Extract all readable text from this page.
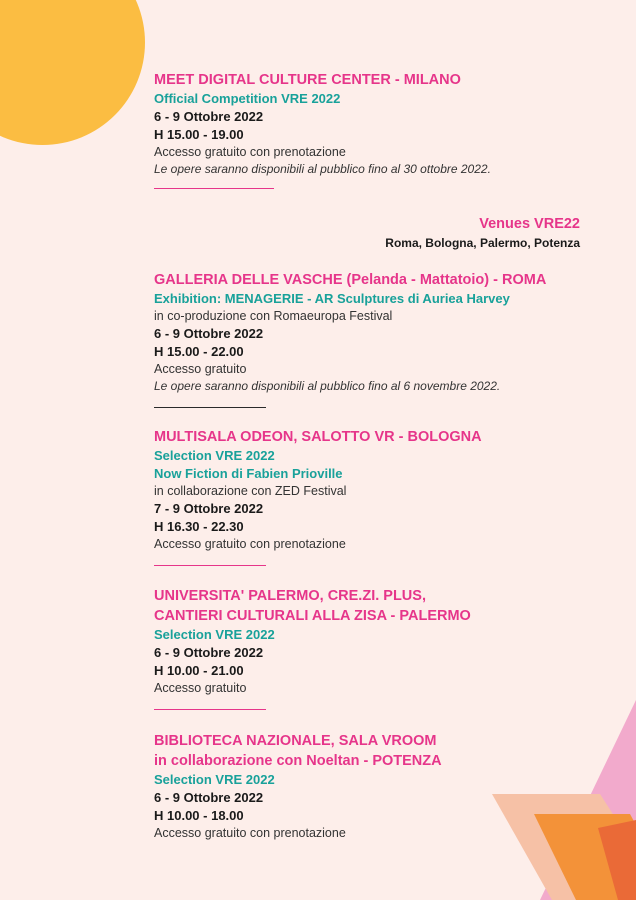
MEET DIGITAL CULTURE CENTER - MILANO
Official Competition VRE 2022
6 - 9 Ottobre 2022
H 15.00 - 19.00
Accesso gratuito con prenotazione
Le opere saranno disponibili al pubblico fino al 30 ottobre 2022.
Venues VRE22
Roma, Bologna, Palermo, Potenza
GALLERIA DELLE VASCHE (Pelanda - Mattatoio) - ROMA
Exhibition: MENAGERIE - AR Sculptures di Auriea Harvey
in co-produzione con Romaeuropa Festival
6 - 9 Ottobre 2022
H 15.00 - 22.00
Accesso gratuito
Le opere saranno disponibili al pubblico fino al 6 novembre 2022.
MULTISALA ODEON, SALOTTO VR - BOLOGNA
Selection VRE 2022
Now Fiction di Fabien Prioville
in collaborazione con ZED Festival
7 - 9 Ottobre 2022
H 16.30 - 22.30
Accesso gratuito con prenotazione
UNIVERSITA' PALERMO, CRE.ZI. PLUS,
CANTIERI CULTURALI ALLA ZISA - PALERMO
Selection VRE 2022
6 - 9 Ottobre 2022
H 10.00 - 21.00
Accesso gratuito
BIBLIOTECA NAZIONALE, SALA VROOM
in collaborazione con Noeltan - POTENZA
Selection VRE 2022
6 - 9 Ottobre 2022
H 10.00 - 18.00
Accesso gratuito con prenotazione
